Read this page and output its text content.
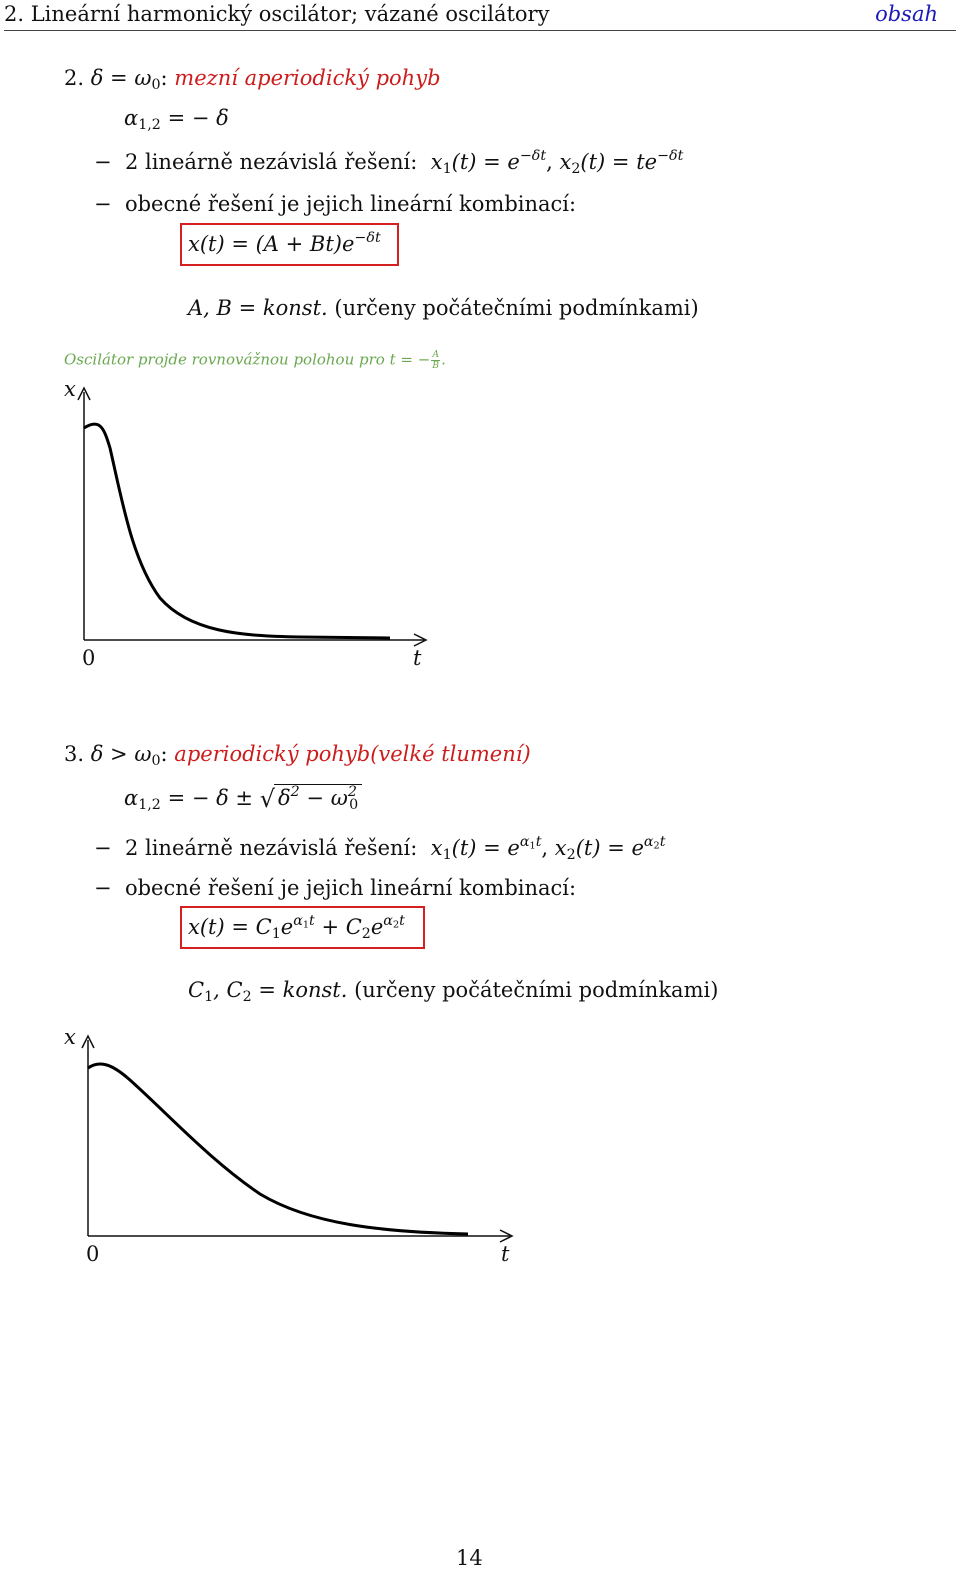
2. Lineární harmonický oscilátor; vázané oscilátory	obsah
2. $\delta = \omega_0$: mezní aperiodický pohyb
$\alpha_{1,2}$ = − δ
−  2 lineárně nezávislá řešení:  $x_1(t) = e^{-\delta t}$, $x_2(t) = te^{-\delta t}$
−  obecné řešení je jejich lineární kombinací:
$x(t) = (A + Bt)e^{-\delta t}$
A, B = konst. (určeny počátečními podmínkami)
Oscilátor projde rovnovážnou polohou pro t = − $\frac{A}{B}$ .
x
0	t
3. $\delta > \omega_0$: aperiodický pohyb(velké tlumení)
$\alpha_{1,2}$ = − δ ± √ $\delta^2 - \omega^2_0$
−  2 lineárně nezávislá řešení:  $x_1(t) = e^{\alpha_1t}$, $x_2(t) = e^{\alpha_2t}$
−  obecné řešení je jejich lineární kombinací:
$x(t) = C_1e^{\alpha_1t} + C_2e^{\alpha_2t}$
$C_1$, $C_2$ = konst. (určeny počátečními podmínkami)
x
0	t
14
